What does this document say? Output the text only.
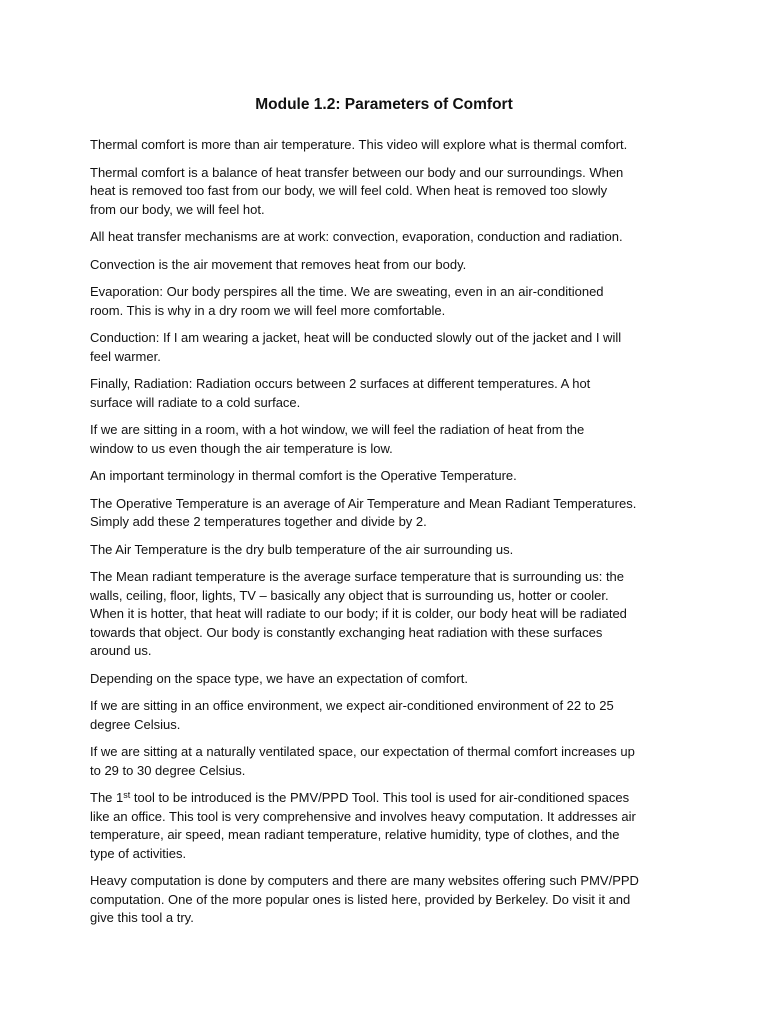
Module 1.2: Parameters of Comfort

Thermal comfort is more than air temperature. This video will explore what is thermal comfort.

Thermal comfort is a balance of heat transfer between our body and our surroundings. When
heat is removed too fast from our body, we will feel cold. When heat is removed too slowly
from our body, we will feel hot.

All heat transfer mechanisms are at work: convection, evaporation, conduction and radiation.

Convection is the air movement that removes heat from our body.

Evaporation: Our body perspires all the time. We are sweating, even in an air-conditioned
room. This is why in a dry room we will feel more comfortable.

Conduction: If I am wearing a jacket, heat will be conducted slowly out of the jacket and I will
feel warmer.

Finally, Radiation: Radiation occurs between 2 surfaces at different temperatures. A hot
surface will radiate to a cold surface.

If we are sitting in a room, with a hot window, we will feel the radiation of heat from the
window to us even though the air temperature is low.

An important terminology in thermal comfort is the Operative Temperature.

The Operative Temperature is an average of Air Temperature and Mean Radiant Temperatures.
Simply add these 2 temperatures together and divide by 2.

The Air Temperature is the dry bulb temperature of the air surrounding us.

The Mean radiant temperature is the average surface temperature that is surrounding us: the
walls, ceiling, floor, lights, TV – basically any object that is surrounding us, hotter or cooler.
When it is hotter, that heat will radiate to our body; if it is colder, our body heat will be radiated
towards that object. Our body is constantly exchanging heat radiation with these surfaces
around us.

Depending on the space type, we have an expectation of comfort.

If we are sitting in an office environment, we expect air-conditioned environment of 22 to 25
degree Celsius.

If we are sitting at a naturally ventilated space, our expectation of thermal comfort increases up
to 29 to 30 degree Celsius.

The 1st tool to be introduced is the PMV/PPD Tool. This tool is used for air-conditioned spaces
like an office. This tool is very comprehensive and involves heavy computation. It addresses air
temperature, air speed, mean radiant temperature, relative humidity, type of clothes, and the
type of activities.

Heavy computation is done by computers and there are many websites offering such PMV/PPD
computation. One of the more popular ones is listed here, provided by Berkeley. Do visit it and
give this tool a try.
